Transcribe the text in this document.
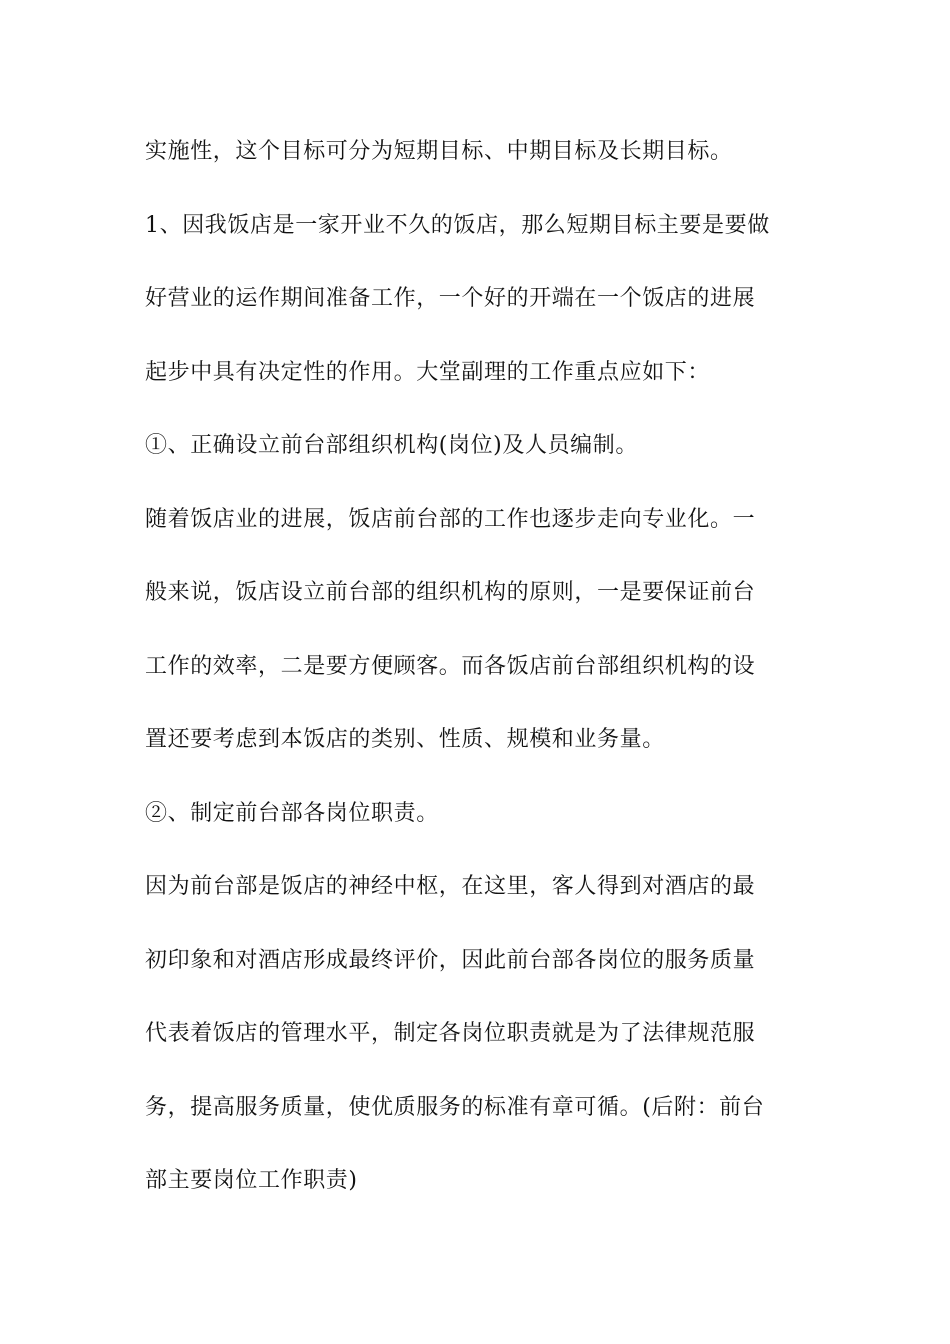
实施性，这个目标可分为短期目标、中期目标及长期目标。
1、因我饭店是一家开业不久的饭店，那么短期目标主要是要做
好营业的运作期间准备工作，一个好的开端在一个饭店的进展
起步中具有决定性的作用。大堂副理的工作重点应如下：
①、正确设立前台部组织机构(岗位)及人员编制。
随着饭店业的进展，饭店前台部的工作也逐步走向专业化。一
般来说，饭店设立前台部的组织机构的原则，一是要保证前台
工作的效率，二是要方便顾客。而各饭店前台部组织机构的设
置还要考虑到本饭店的类别、性质、规模和业务量。
②、制定前台部各岗位职责。
因为前台部是饭店的神经中枢，在这里，客人得到对酒店的最
初印象和对酒店形成最终评价，因此前台部各岗位的服务质量
代表着饭店的管理水平，制定各岗位职责就是为了法律规范服
务，提高服务质量，使优质服务的标准有章可循。(后附：前台
部主要岗位工作职责)
